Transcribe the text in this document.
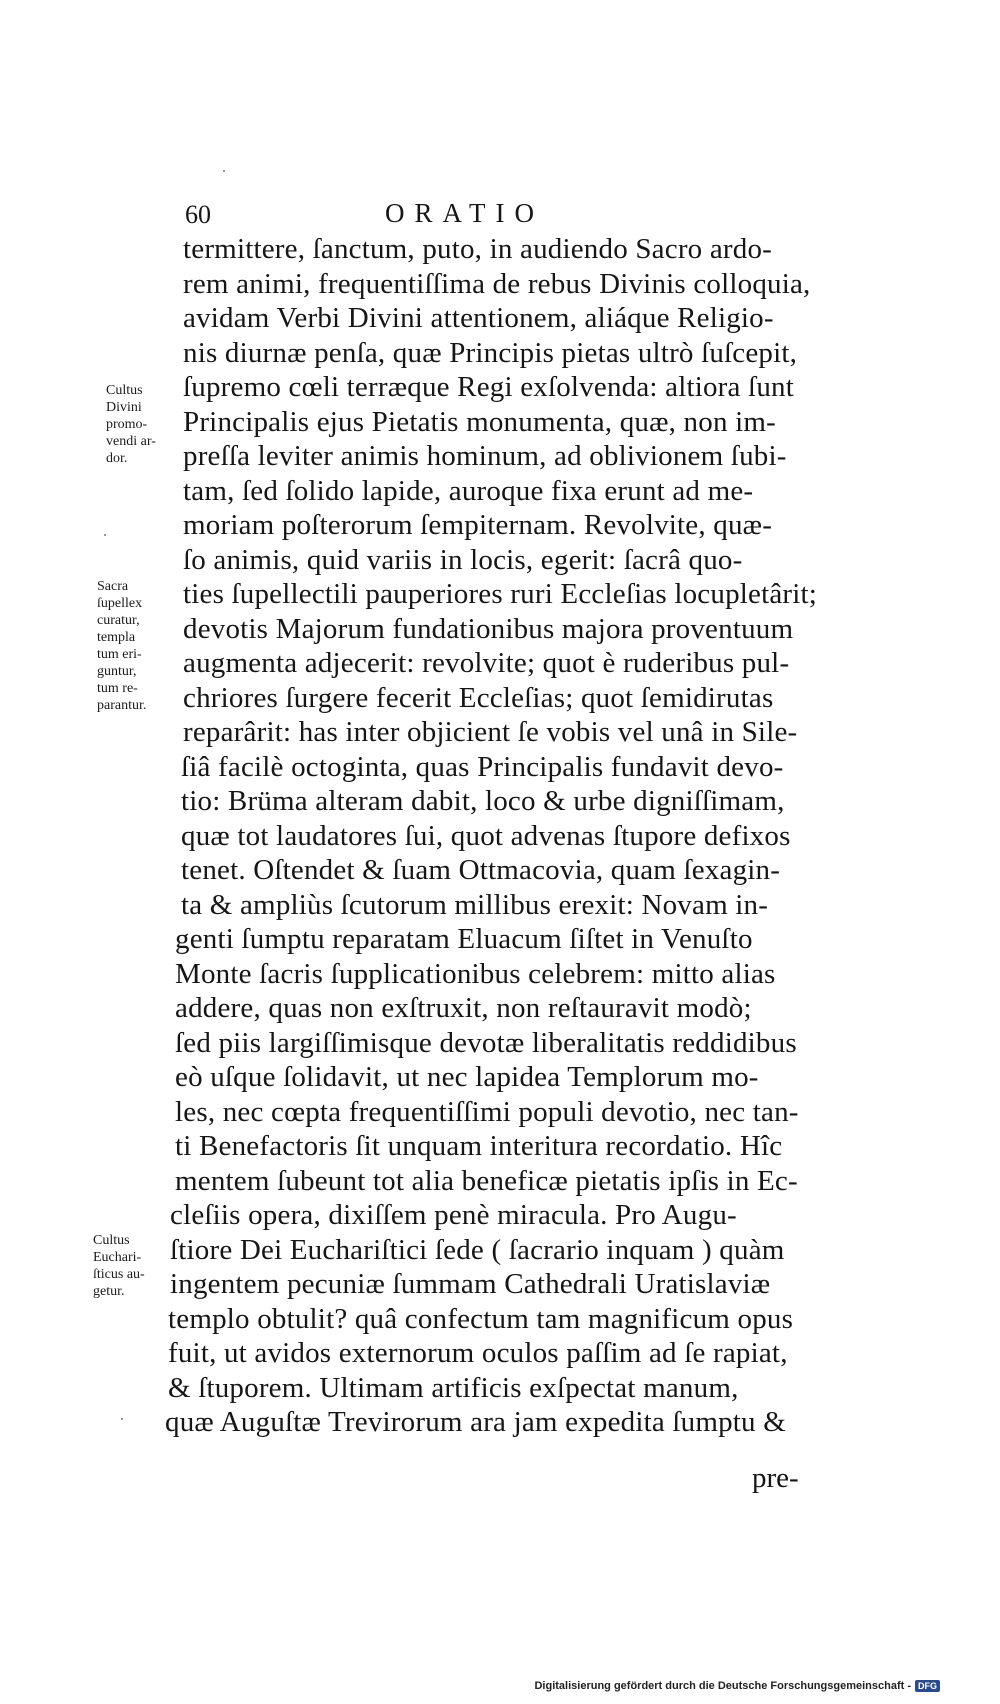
60	ORATIO
termittere, ſanctum, puto, in audiendo Sacro ardo-
rem animi, frequentiſſima de rebus Divinis colloquia,
avidam Verbi Divini attentionem, aliáque Religio-
nis diurnæ penſa, quæ Principis pietas ultrò ſuſcepit,
ſupremo cœli terræque Regi exſolvenda: altiora ſunt
Principalis ejus Pietatis monumenta, quæ, non im-
preſſa leviter animis hominum, ad oblivionem ſubi-
tam, ſed ſolido lapide, auroque fixa erunt ad me-
moriam poſterorum ſempiternam. Revolvite, quæ-
ſo animis, quid variis in locis, egerit: ſacrâ quo-
ties ſupellectili pauperiores ruri Eccleſias locupletârit;
devotis Majorum fundationibus majora proventuum
augmenta adjecerit: revolvite; quot è ruderibus pul-
chriores ſurgere fecerit Eccleſias; quot ſemidirutas
reparârit: has inter objicient ſe vobis vel unâ in Sile-
ſiâ facilè octoginta, quas Principalis fundavit devo-
tio: Brüma alteram dabit, loco & urbe digniſſimam,
quæ tot laudatores ſui, quot advenas ſtupore defixos
tenet. Oſtendet & ſuam Ottmacovia, quam ſexagin-
ta & ampliùs ſcutorum millibus erexit: Novam in-
genti ſumptu reparatam Eluacum ſiſtet in Venuſto
Monte ſacris ſupplicationibus celebrem: mitto alias
addere, quas non exſtruxit, non reſtauravit modò;
ſed piis largiſſimisque devotæ liberalitatis reddidibus
eò uſque ſolidavit, ut nec lapidea Templorum mo-
les, nec cœpta frequentiſſimi populi devotio, nec tan-
ti Benefactoris ſit unquam interitura recordatio. Hîc
mentem ſubeunt tot alia beneficæ pietatis ipſis in Ec-
cleſiis opera, dixiſſem penè miracula. Pro Augu-
ſtiore Dei Euchariſtici ſede ( ſacrario inquam ) quàm
ingentem pecuniæ ſummam Cathedrali Uratislaviæ
templo obtulit? quâ confectum tam magnificum opus
fuit, ut avidos externorum oculos paſſim ad ſe rapiat,
& ſtuporem. Ultimam artificis exſpectat manum,
quæ Auguſtæ Trevirorum ara jam expedita ſumptu &
Cultus
Divini
promo-
vendi ar-
dor.
Sacra
ſupellex
curatur,
templa
tum eri-
guntur,
tum re-
parantur.
Cultus
Euchari-
ſticus au-
getur.
pre-
Digitalisierung gefördert durch die Deutsche Forschungsgemeinschaft - DFG
